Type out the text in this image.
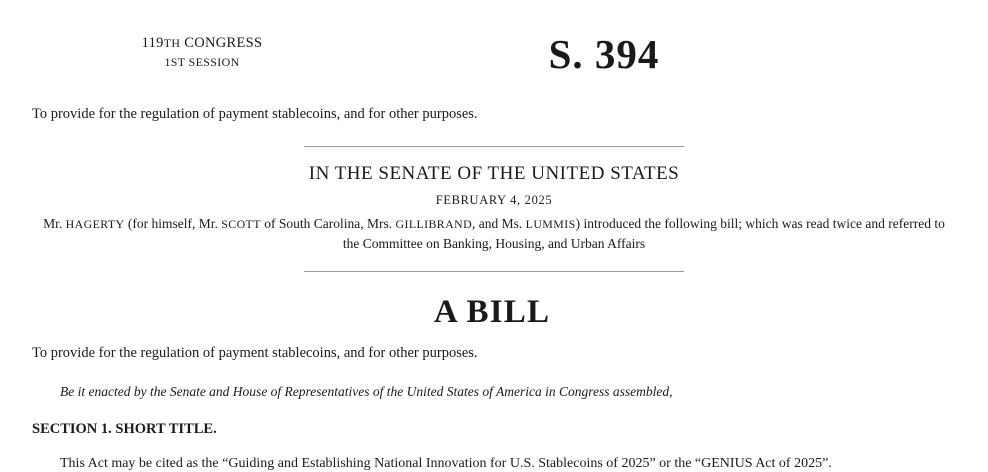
119TH CONGRESS
1ST SESSION	S. 394
To provide for the regulation of payment stablecoins, and for other purposes.
IN THE SENATE OF THE UNITED STATES
FEBRUARY 4, 2025
Mr. HAGERTY (for himself, Mr. SCOTT of South Carolina, Mrs. GILLIBRAND, and Ms. LUMMIS) introduced the following bill; which was read twice and referred to the Committee on Banking, Housing, and Urban Affairs
A BILL
To provide for the regulation of payment stablecoins, and for other purposes.
Be it enacted by the Senate and House of Representatives of the United States of America in Congress assembled,
SECTION 1. SHORT TITLE.
This Act may be cited as the “Guiding and Establishing National Innovation for U.S. Stablecoins of 2025” or the “GENIUS Act of 2025”.
